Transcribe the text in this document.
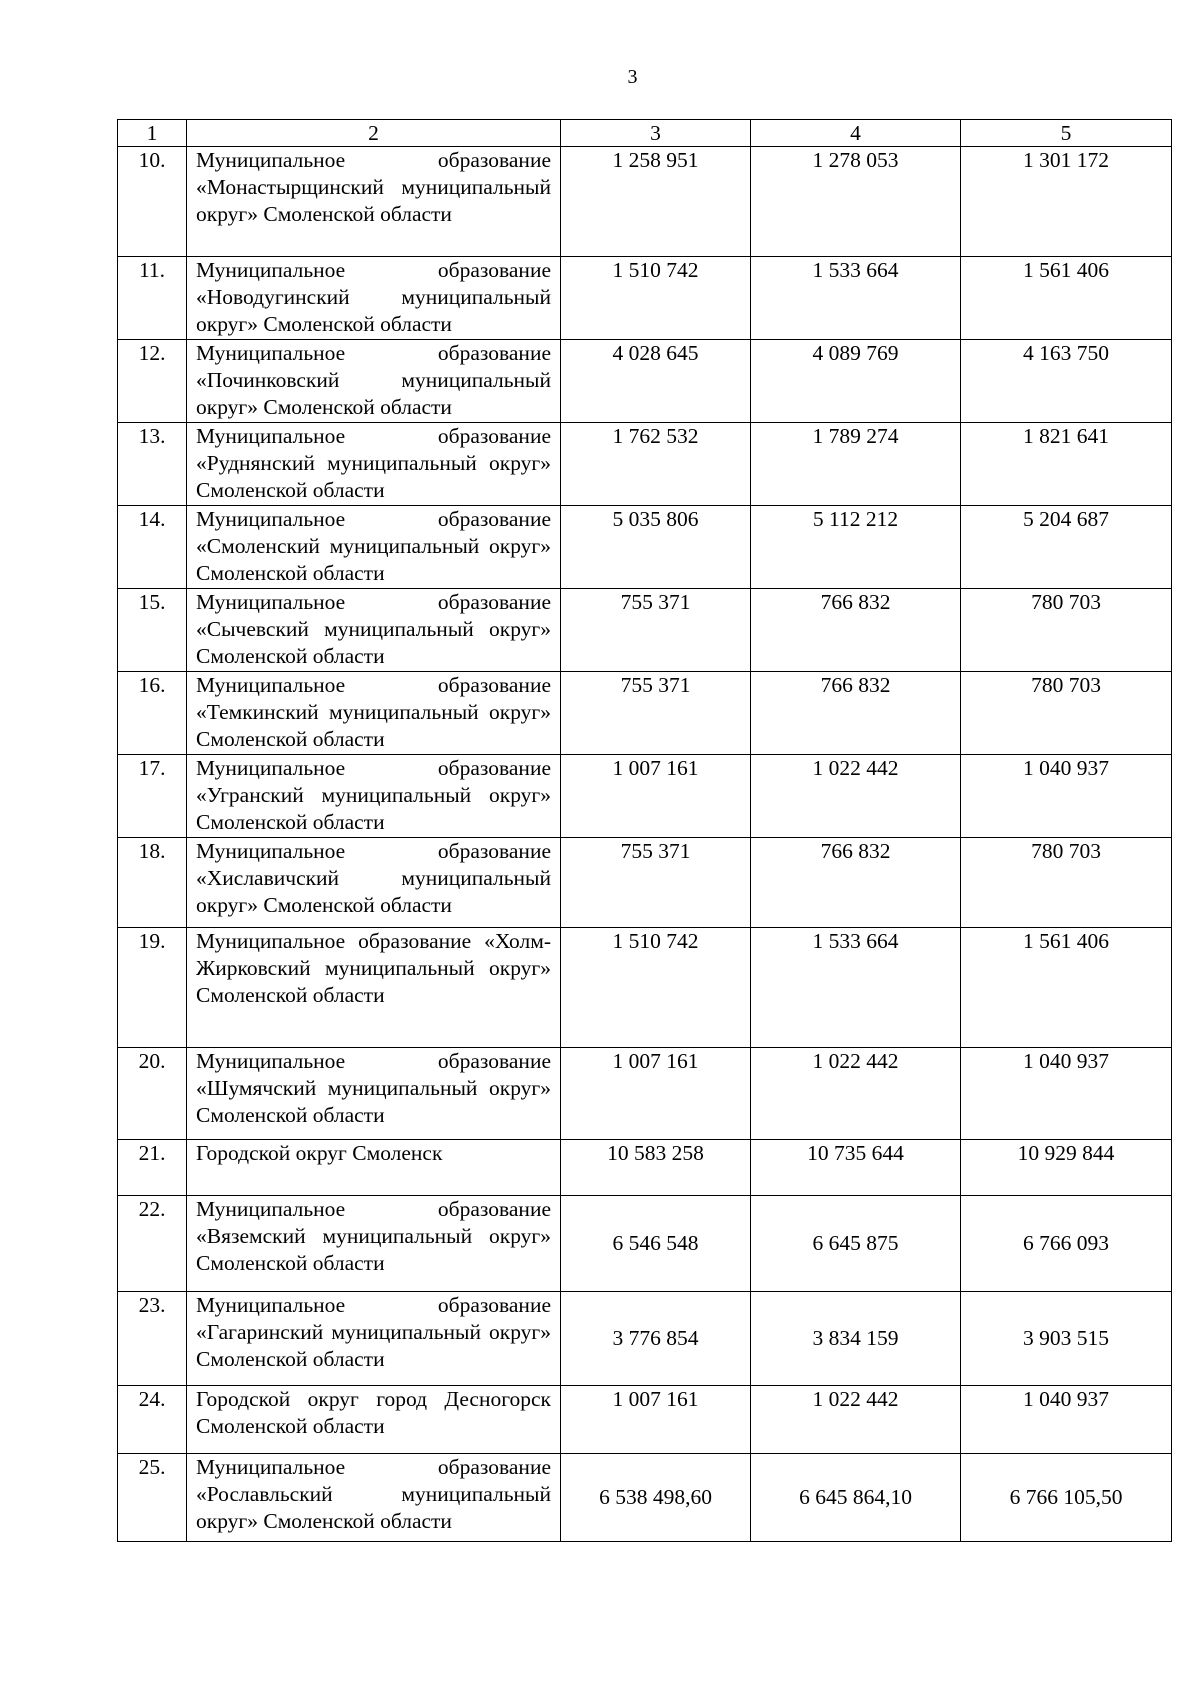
3
1	2	3	4	5
10.	Муниципальное образование «Монастырщинский муниципальный округ» Смоленской области	1 258 951	1 278 053	1 301 172
11.	Муниципальное образование «Новодугинский муниципальный округ» Смоленской области	1 510 742	1 533 664	1 561 406
12.	Муниципальное образование «Починковский муниципальный округ» Смоленской области	4 028 645	4 089 769	4 163 750
13.	Муниципальное образование «Руднянский муниципальный округ» Смоленской области	1 762 532	1 789 274	1 821 641
14.	Муниципальное образование «Смоленский муниципальный округ» Смоленской области	5 035 806	5 112 212	5 204 687
15.	Муниципальное образование «Сычевский муниципальный округ» Смоленской области	755 371	766 832	780 703
16.	Муниципальное образование «Темкинский муниципальный округ» Смоленской области	755 371	766 832	780 703
17.	Муниципальное образование «Угранский муниципальный округ» Смоленской области	1 007 161	1 022 442	1 040 937
18.	Муниципальное образование «Хиславичский муниципальный округ» Смоленской области	755 371	766 832	780 703
19.	Муниципальное образование «Холм-Жирковский муниципальный округ» Смоленской области	1 510 742	1 533 664	1 561 406
20.	Муниципальное образование «Шумячский муниципальный округ» Смоленской области	1 007 161	1 022 442	1 040 937
21.	Городской округ Смоленск	10 583 258	10 735 644	10 929 844
22.	Муниципальное образование «Вяземский муниципальный округ» Смоленской области	6 546 548	6 645 875	6 766 093
23.	Муниципальное образование «Гагаринский муниципальный округ» Смоленской области	3 776 854	3 834 159	3 903 515
24.	Городской округ город Десногорск Смоленской области	1 007 161	1 022 442	1 040 937
25.	Муниципальное образование «Рославльский муниципальный округ» Смоленской области	6 538 498,60	6 645 864,10	6 766 105,50
